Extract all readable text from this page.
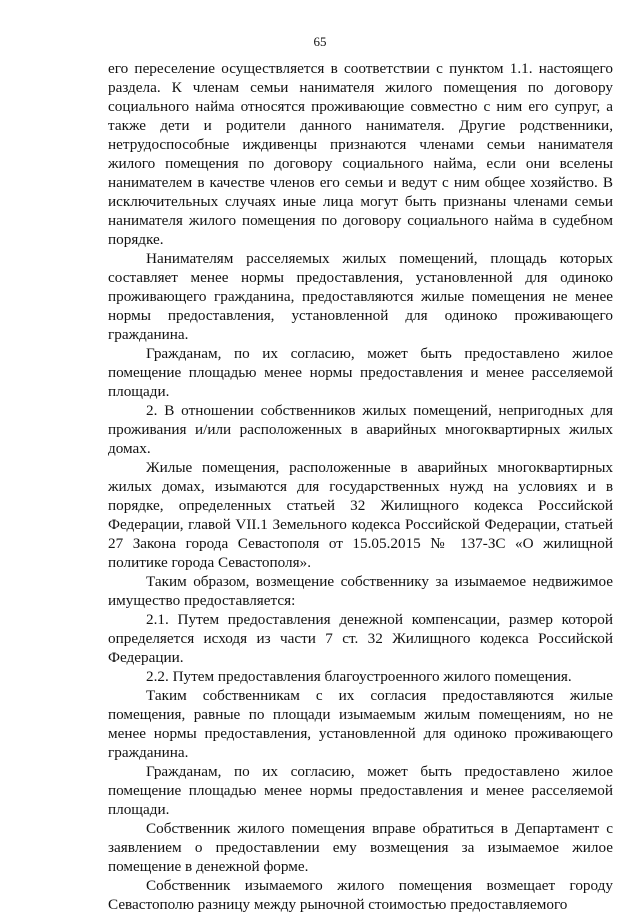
65

его переселение осуществляется в соответствии с пунктом 1.1. настоящего раздела. К членам семьи нанимателя жилого помещения по договору социального найма относятся проживающие совместно с ним его супруг, а также дети и родители данного нанимателя. Другие родственники, нетрудоспособные иждивенцы признаются членами семьи нанимателя жилого помещения по договору социального найма, если они вселены нанимателем в качестве членов его семьи и ведут с ним общее хозяйство. В исключительных случаях иные лица могут быть признаны членами семьи нанимателя жилого помещения по договору социального найма в судебном порядке.

Нанимателям расселяемых жилых помещений, площадь которых составляет менее нормы предоставления, установленной для одиноко проживающего гражданина, предоставляются жилые помещения не менее нормы предоставления, установленной для одиноко проживающего гражданина.

Гражданам, по их согласию, может быть предоставлено жилое помещение площадью менее нормы предоставления и менее расселяемой площади.

2. В отношении собственников жилых помещений, непригодных для проживания и/или расположенных в аварийных многоквартирных жилых домах.

Жилые помещения, расположенные в аварийных многоквартирных жилых домах, изымаются для государственных нужд на условиях и в порядке, определенных статьей 32 Жилищного кодекса Российской Федерации, главой VII.1 Земельного кодекса Российской Федерации, статьей 27 Закона города Севастополя от 15.05.2015 № 137-ЗС «О жилищной политике города Севастополя».

Таким образом, возмещение собственнику за изымаемое недвижимое имущество предоставляется:

2.1. Путем предоставления денежной компенсации, размер которой определяется исходя из части 7 ст. 32 Жилищного кодекса Российской Федерации.

2.2. Путем предоставления благоустроенного жилого помещения.

Таким собственникам с их согласия предоставляются жилые помещения, равные по площади изымаемым жилым помещениям, но не менее нормы предоставления, установленной для одиноко проживающего гражданина.

Гражданам, по их согласию, может быть предоставлено жилое помещение площадью менее нормы предоставления и менее расселяемой площади.

Собственник жилого помещения вправе обратиться в Департамент с заявлением о предоставлении ему возмещения за изымаемое жилое помещение в денежной форме.

Собственник изымаемого жилого помещения возмещает городу Севастополю разницу между рыночной стоимостью предоставляемого
